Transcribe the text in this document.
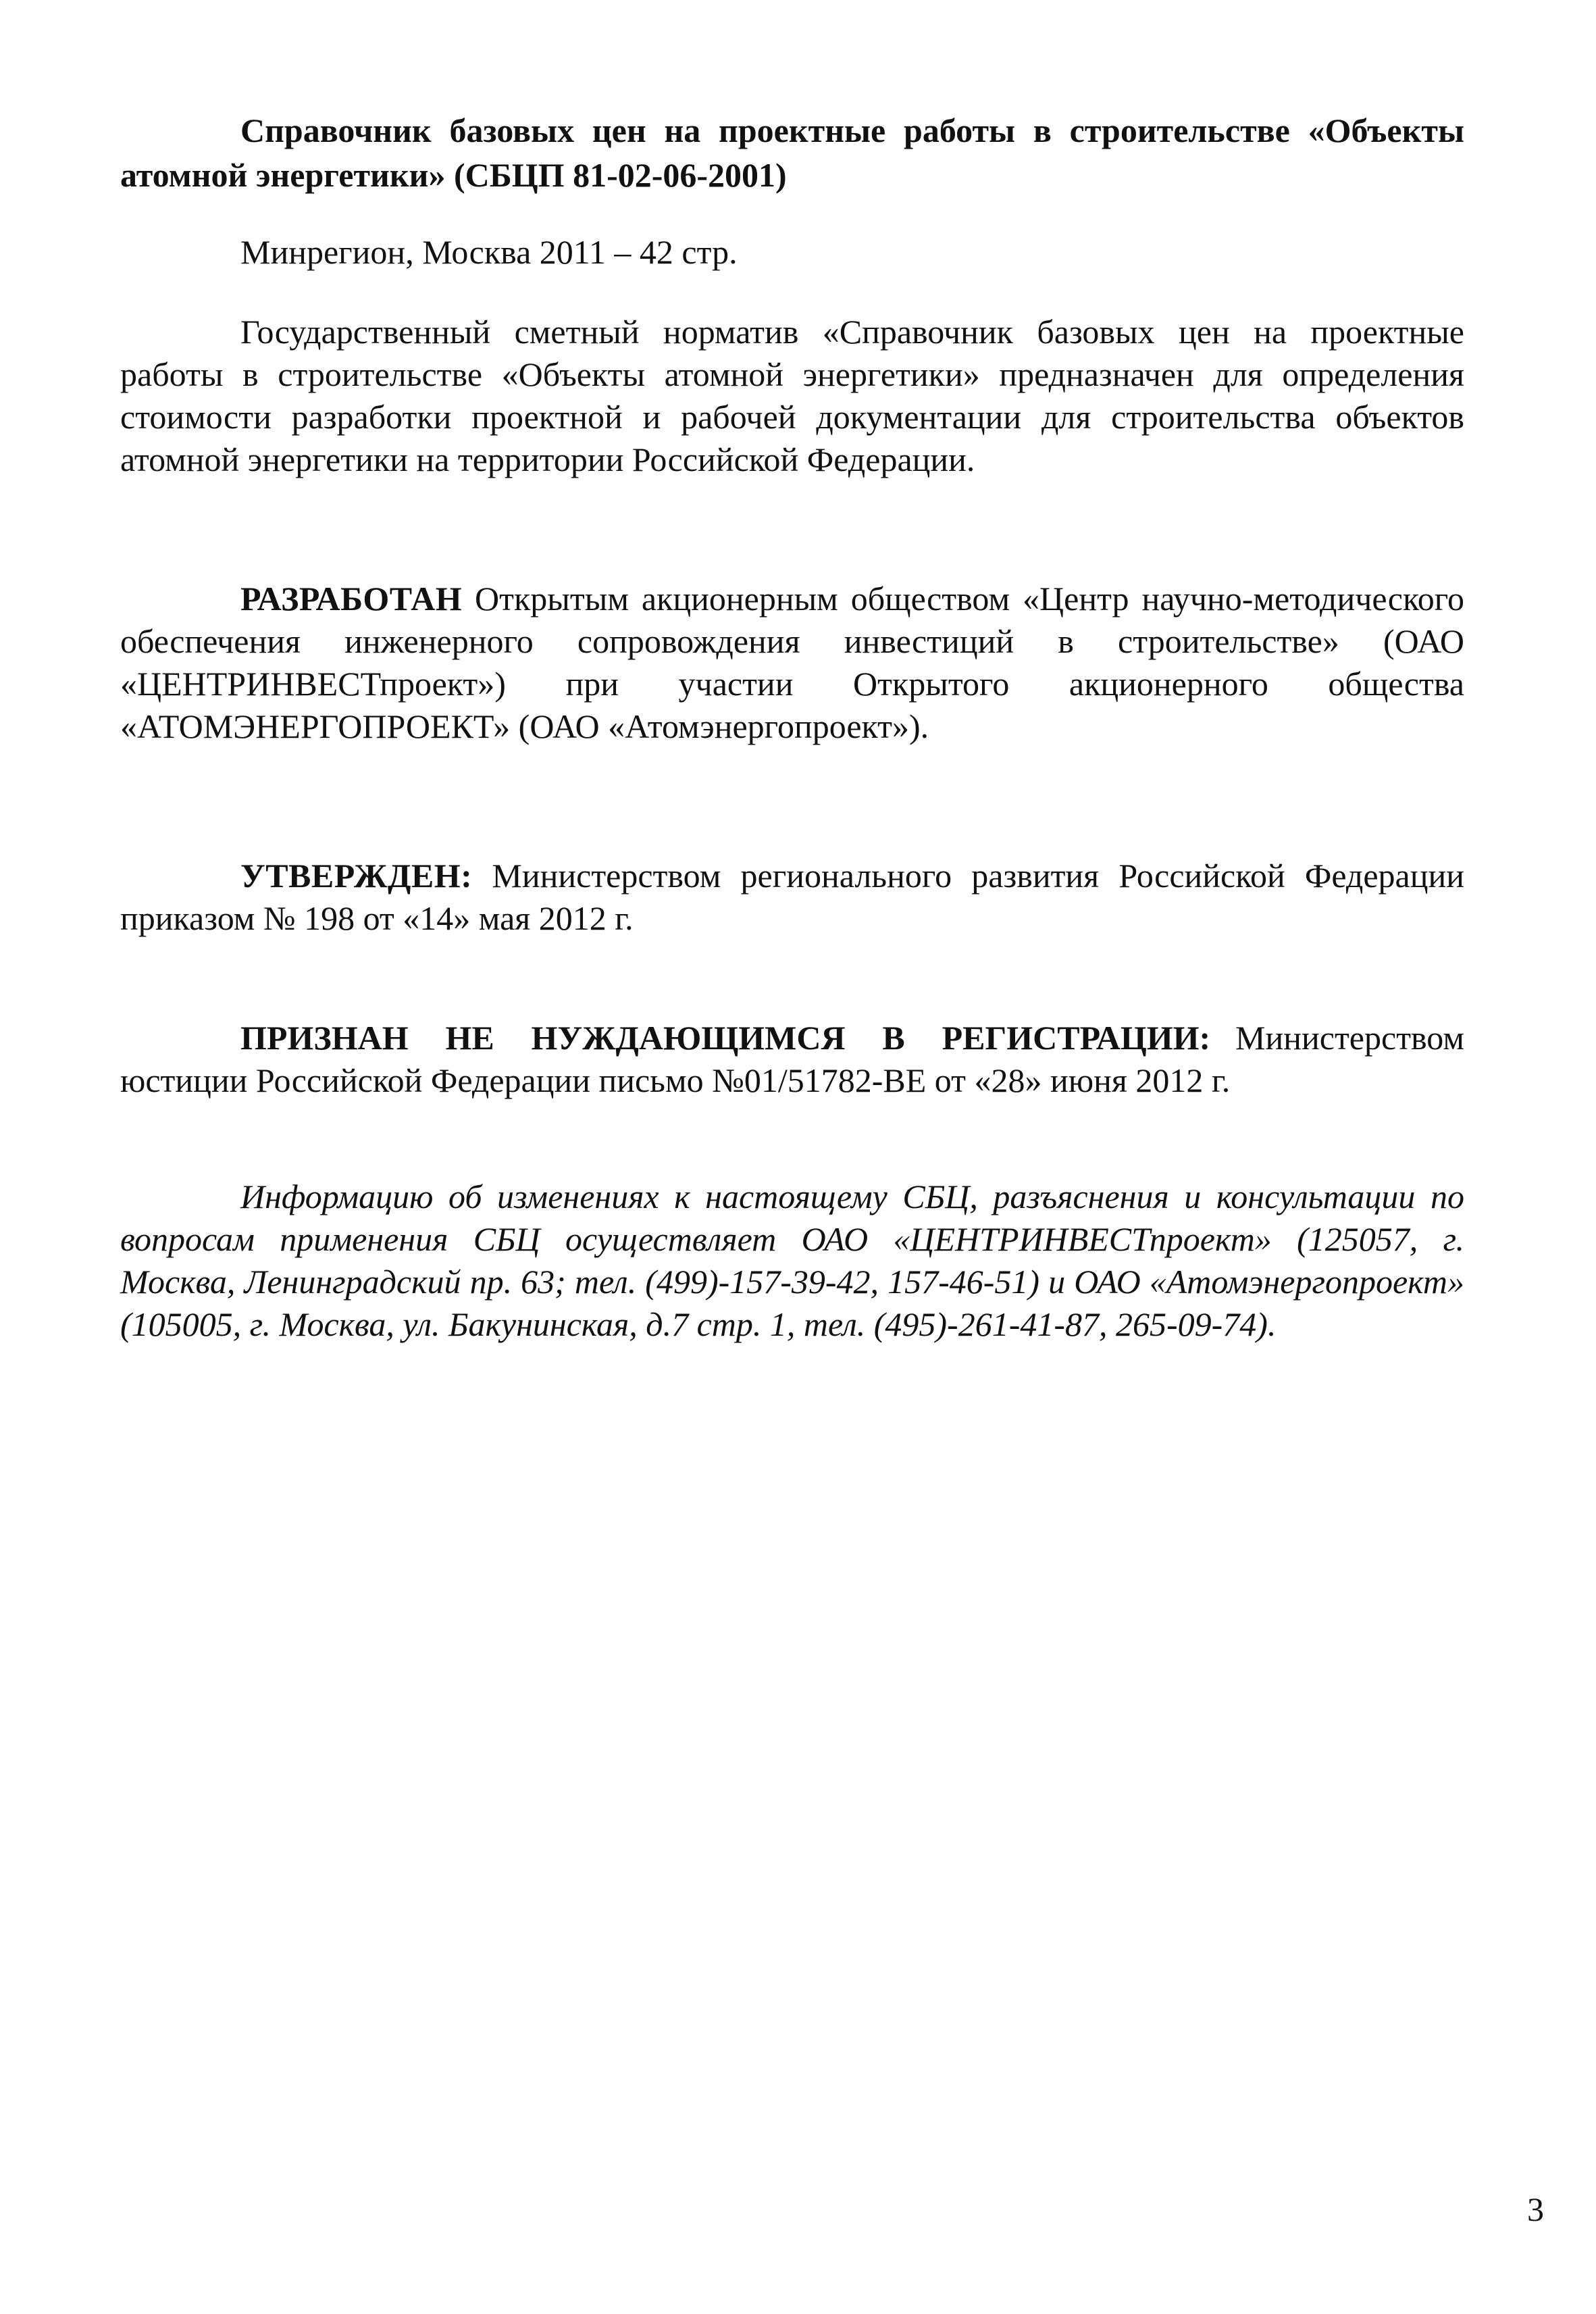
Справочник базовых цен на проектные работы в строительстве «Объекты атомной энергетики» (СБЦП 81-02-06-2001)

Минрегион, Москва 2011 – 42 стр.

Государственный сметный норматив «Справочник базовых цен на проектные работы в строительстве «Объекты атомной энергетики» предназначен для определения стоимости разработки проектной и рабочей документации для строительства объектов атомной энергетики на территории Российской Федерации.

РАЗРАБОТАН Открытым акционерным обществом «Центр научно-методического обеспечения инженерного сопровождения инвестиций в строительстве» (ОАО «ЦЕНТРИНВЕСТпроект») при участии Открытого акционерного общества «АТОМЭНЕРГОПРОЕКТ» (ОАО «Атомэнергопроект»).

УТВЕРЖДЕН: Министерством регионального развития Российской Федерации приказом № 198 от «14» мая 2012 г.

ПРИЗНАН НЕ НУЖДАЮЩИМСЯ В РЕГИСТРАЦИИ: Министерством юстиции Российской Федерации письмо №01/51782-ВЕ от «28» июня 2012 г.

Информацию об изменениях к настоящему СБЦ, разъяснения и консультации по вопросам применения СБЦ осуществляет ОАО «ЦЕНТРИНВЕСТпроект» (125057, г. Москва, Ленинградский пр. 63; тел. (499)-157-39-42, 157-46-51) и ОАО «Атомэнергопроект» (105005, г. Москва, ул. Бакунинская, д.7 стр. 1, тел. (495)-261-41-87, 265-09-74).

3
